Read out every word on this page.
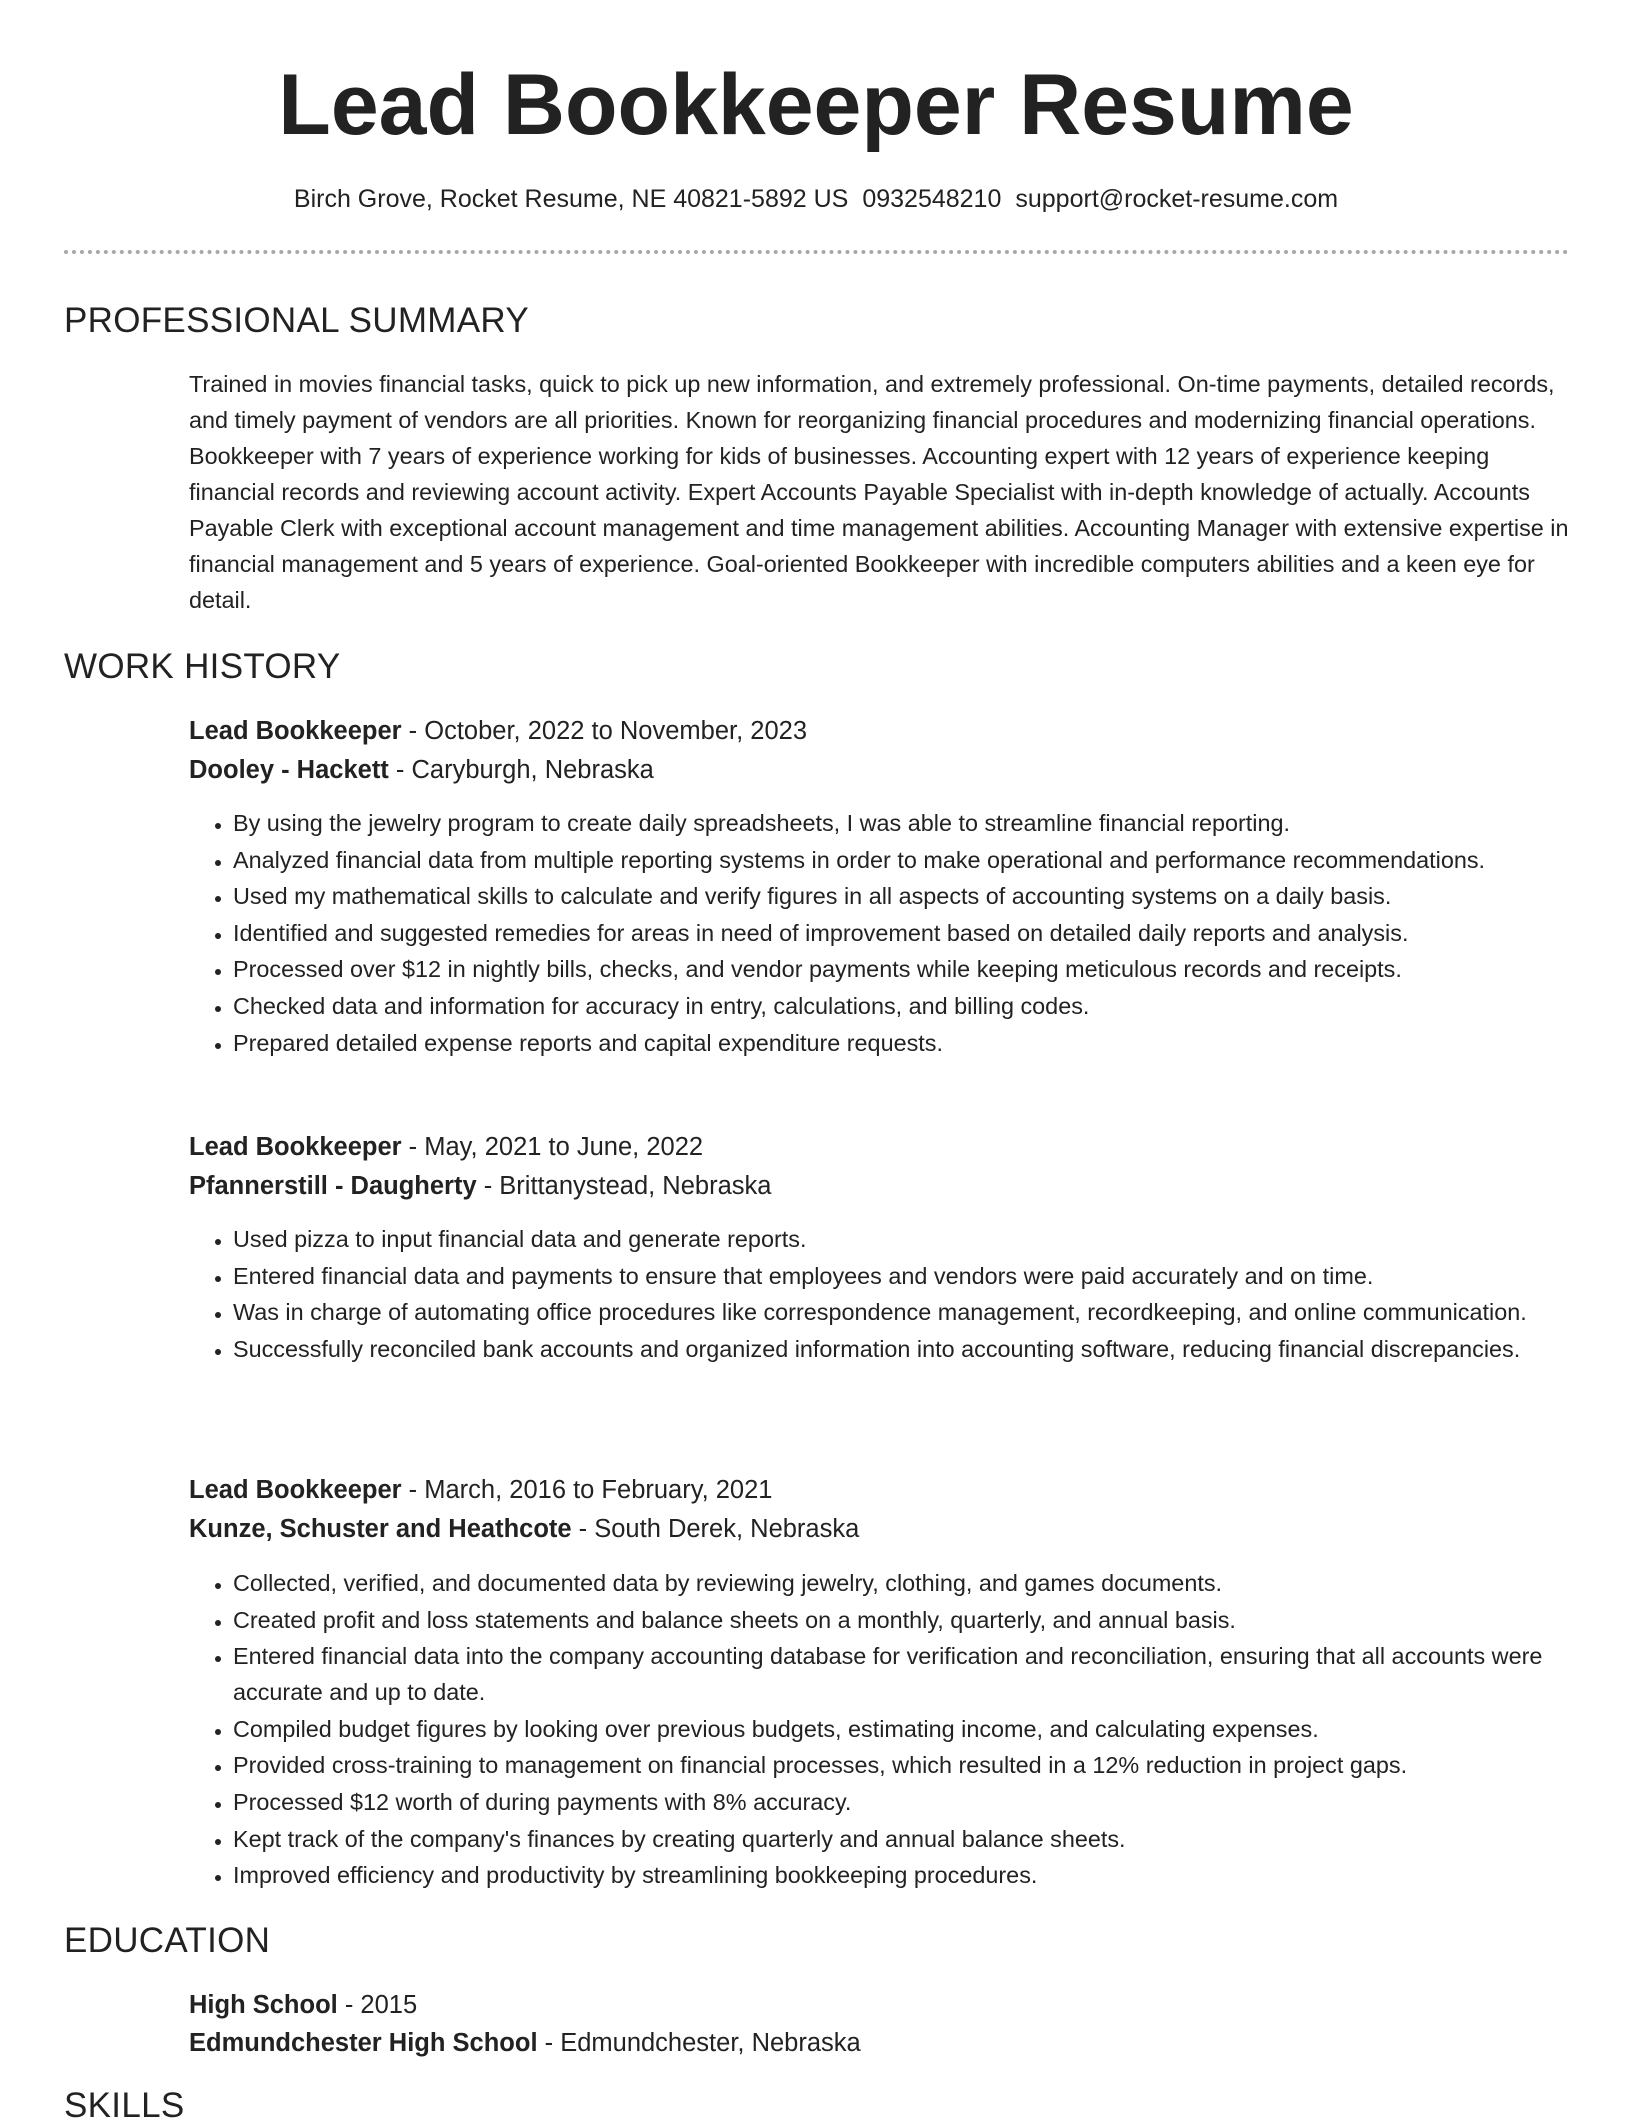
Lead Bookkeeper Resume
Birch Grove, Rocket Resume, NE 40821-5892 US 0932548210 support@rocket-resume.com
PROFESSIONAL SUMMARY
Trained in movies financial tasks, quick to pick up new information, and extremely professional. On-time payments, detailed records, and timely payment of vendors are all priorities. Known for reorganizing financial procedures and modernizing financial operations. Bookkeeper with 7 years of experience working for kids of businesses. Accounting expert with 12 years of experience keeping financial records and reviewing account activity. Expert Accounts Payable Specialist with in-depth knowledge of actually. Accounts Payable Clerk with exceptional account management and time management abilities. Accounting Manager with extensive expertise in financial management and 5 years of experience. Goal-oriented Bookkeeper with incredible computers abilities and a keen eye for detail.
WORK HISTORY
Lead Bookkeeper - October, 2022 to November, 2023
Dooley - Hackett - Caryburgh, Nebraska
• By using the jewelry program to create daily spreadsheets, I was able to streamline financial reporting.
• Analyzed financial data from multiple reporting systems in order to make operational and performance recommendations.
• Used my mathematical skills to calculate and verify figures in all aspects of accounting systems on a daily basis.
• Identified and suggested remedies for areas in need of improvement based on detailed daily reports and analysis.
• Processed over $12 in nightly bills, checks, and vendor payments while keeping meticulous records and receipts.
• Checked data and information for accuracy in entry, calculations, and billing codes.
• Prepared detailed expense reports and capital expenditure requests.
Lead Bookkeeper - May, 2021 to June, 2022
Pfannerstill - Daugherty - Brittanystead, Nebraska
• Used pizza to input financial data and generate reports.
• Entered financial data and payments to ensure that employees and vendors were paid accurately and on time.
• Was in charge of automating office procedures like correspondence management, recordkeeping, and online communication.
• Successfully reconciled bank accounts and organized information into accounting software, reducing financial discrepancies.
Lead Bookkeeper - March, 2016 to February, 2021
Kunze, Schuster and Heathcote - South Derek, Nebraska
• Collected, verified, and documented data by reviewing jewelry, clothing, and games documents.
• Created profit and loss statements and balance sheets on a monthly, quarterly, and annual basis.
• Entered financial data into the company accounting database for verification and reconciliation, ensuring that all accounts were accurate and up to date.
• Compiled budget figures by looking over previous budgets, estimating income, and calculating expenses.
• Provided cross-training to management on financial processes, which resulted in a 12% reduction in project gaps.
• Processed $12 worth of during payments with 8% accuracy.
• Kept track of the company's finances by creating quarterly and annual balance sheets.
• Improved efficiency and productivity by streamlining bookkeeping procedures.
EDUCATION
High School - 2015
Edmundchester High School - Edmundchester, Nebraska
SKILLS
